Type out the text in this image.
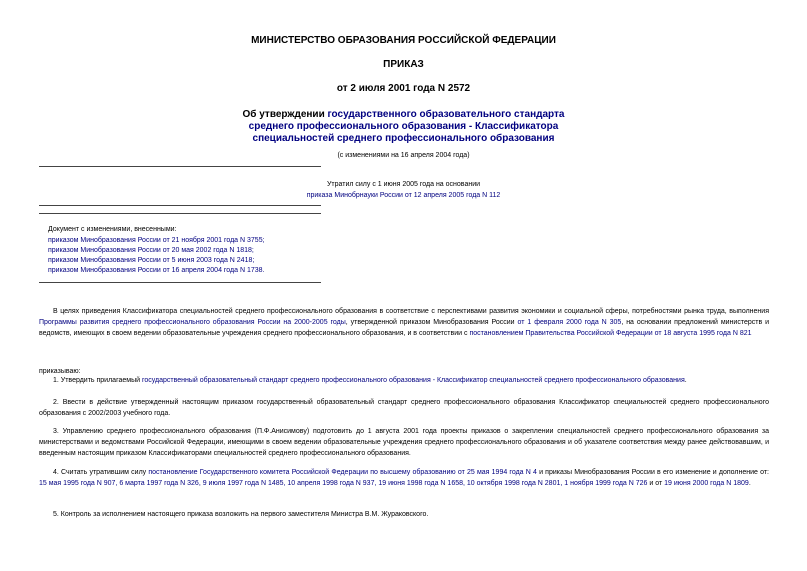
МИНИСТЕРСТВО ОБРАЗОВАНИЯ РОССИЙСКОЙ ФЕДЕРАЦИИ
ПРИКАЗ
от 2 июля 2001 года N 2572
Об утверждении государственного образовательного стандарта
среднего профессионального образования - Классификатора
специальностей среднего профессионального образования
(с изменениями на 16 апреля 2004 года)
Утратил силу с 1 июня 2005 года на основании
приказа Минобрнауки России от 12 апреля 2005 года N 112
Документ с изменениями, внесенными:
приказом Минобразования России от 21 ноября 2001 года N 3755;
приказом Минобразования России от 20 мая 2002 года N 1818;
приказом Минобразования России от 5 июня 2003 года N 2418;
приказом Минобразования России от 16 апреля 2004 года N 1738.

В целях приведения Классификатора специальностей среднего профессионального образования в соответствие с перспективами развития экономики и социальной сферы, потребностями рынка труда, выполнения Программы развития среднего профессионального образования России на 2000-2005 годы, утвержденной приказом Минобразования России от 1 февраля 2000 года N 305, на основании предложений министерств и ведомств, имеющих в своем ведении образовательные учреждения среднего профессионального образования, и в соответствии с постановлением Правительства Российской Федерации от 18 августа 1995 года N 821

приказываю:

1. Утвердить прилагаемый государственный образовательный стандарт среднего профессионального образования - Классификатор специальностей среднего профессионального образования.

2. Ввести в действие утвержденный настоящим приказом государственный образовательный стандарт среднего профессионального образования Классификатор специальностей среднего профессионального образования с 2002/2003 учебного года.

3. Управлению среднего профессионального образования (П.Ф.Анисимову) подготовить до 1 августа 2001 года проекты приказов о закреплении специальностей среднего профессионального образования за министерствами и ведомствами Российской Федерации, имеющими в своем ведении образовательные учреждения среднего профессионального образования и об указателе соответствия между ранее действовавшим, и введенным настоящим приказом Классификаторами специальностей среднего профессионального образования.

4. Считать утратившим силу постановление Государственного комитета Российской Федерации по высшему образованию от 25 мая 1994 года N 4 и приказы Минобразования России в его изменение и дополнение от: 15 мая 1995 года N 907, 6 марта 1997 года N 326, 9 июля 1997 года N 1485, 10 апреля 1998 года N 937, 19 июня 1998 года N 1658, 10 октября 1998 года N 2801, 1 ноября 1999 года N 726 и от 19 июня 2000 года N 1809.

5. Контроль за исполнением настоящего приказа возложить на первого заместителя Министра В.М. Жураковского.
